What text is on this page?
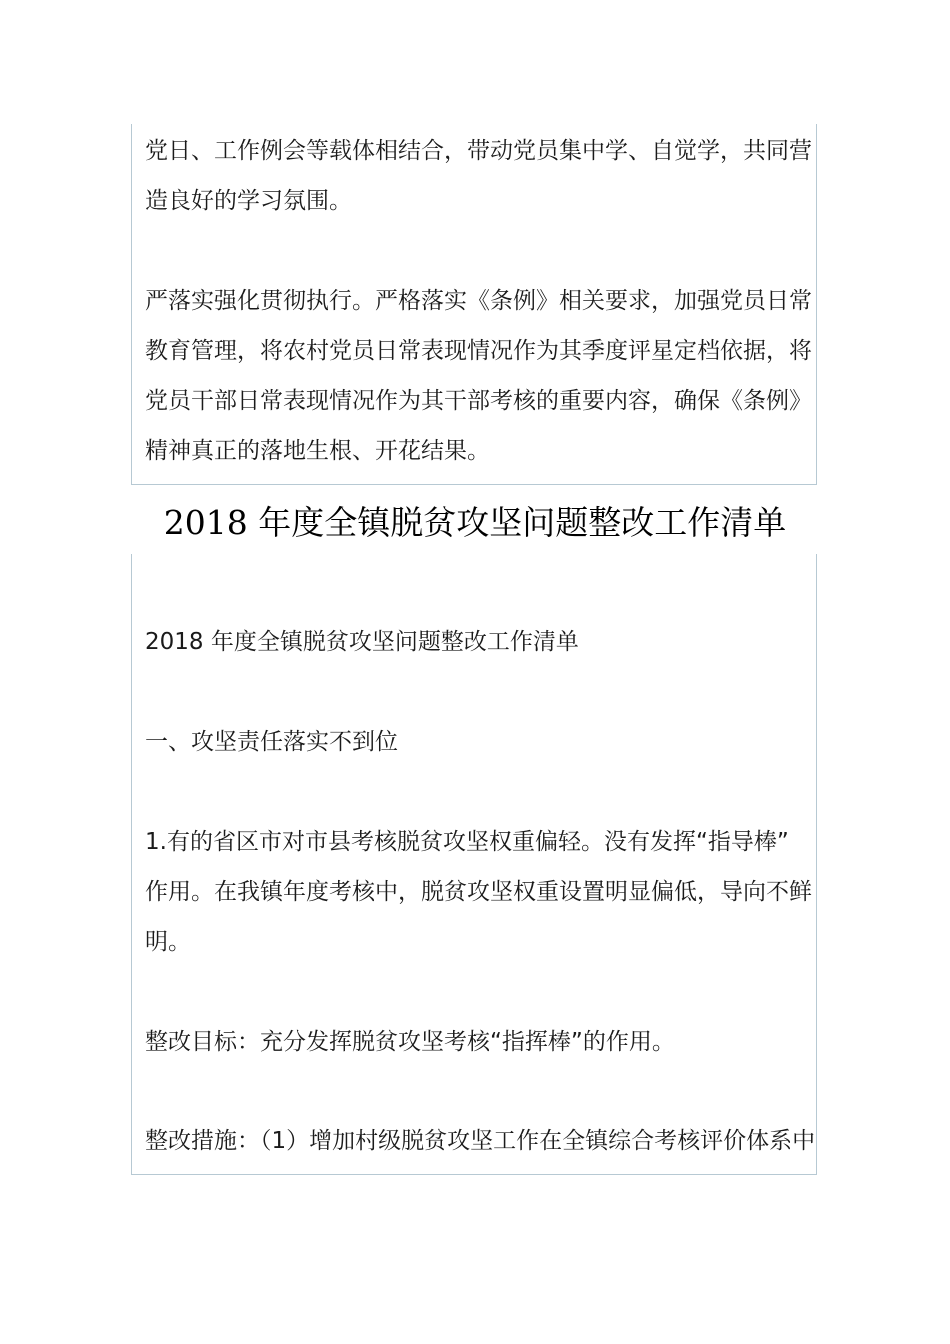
党日、工作例会等载体相结合，带动党员集中学、自觉学，共同营

造良好的学习氛围。

严落实强化贯彻执行。严格落实《条例》相关要求，加强党员日常

教育管理，将农村党员日常表现情况作为其季度评星定档依据，将

党员干部日常表现情况作为其干部考核的重要内容，确保《条例》

精神真正的落地生根、开花结果。

2018 年度全镇脱贫攻坚问题整改工作清单

2018 年度全镇脱贫攻坚问题整改工作清单

一、攻坚责任落实不到位

1.有的省区市对市县考核脱贫攻坚权重偏轻。没有发挥“指导棒”

作用。在我镇年度考核中，脱贫攻坚权重设置明显偏低，导向不鲜

明。

整改目标：充分发挥脱贫攻坚考核“指挥棒”的作用。

整改措施：（1）增加村级脱贫攻坚工作在全镇综合考核评价体系中
